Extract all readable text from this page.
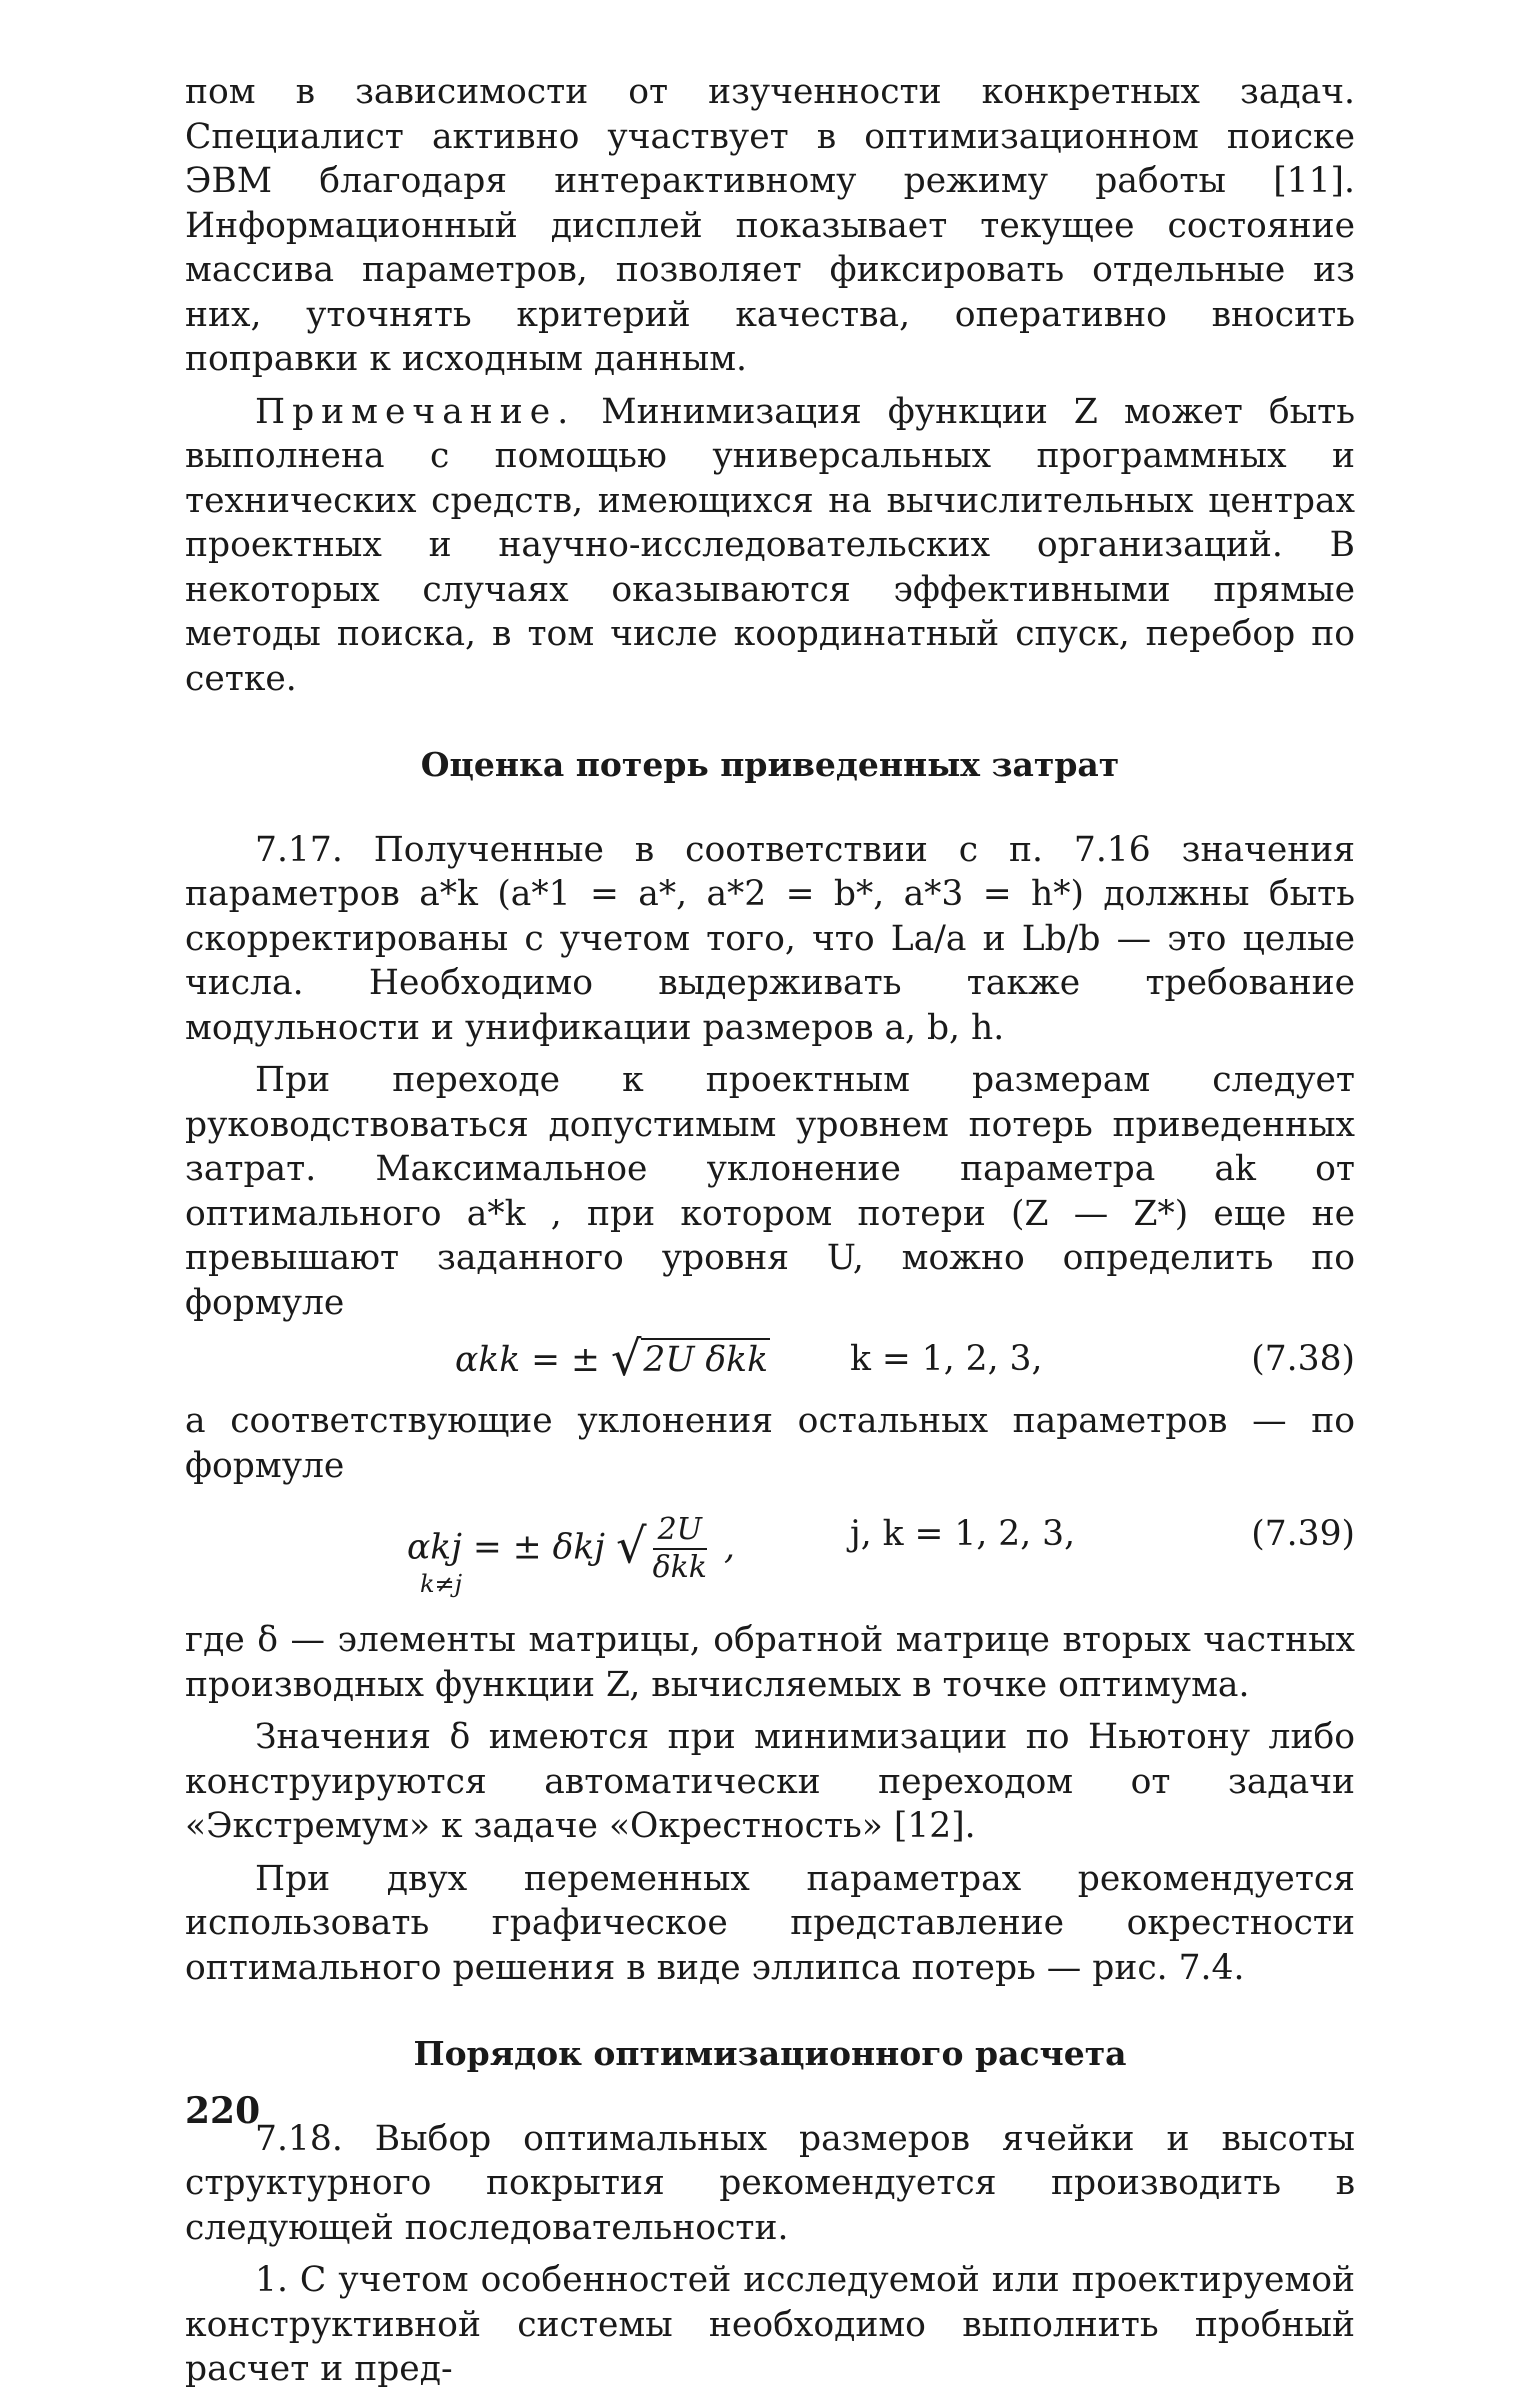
пом в зависимости от изученности конкретных задач. Специалист активно участвует в оптимизационном поиске ЭВМ благодаря интерактивному режиму работы [11]. Информационный дисплей показывает текущее состояние массива параметров, позволяет фиксировать отдельные из них, уточнять критерий качества, оперативно вносить поправки к исходным данным.

Примечание. Минимизация функции Z может быть выполнена с помощью универсальных программных и технических средств, имеющихся на вычислительных центрах проектных и научно-исследовательских организаций. В некоторых случаях оказываются эффективными прямые методы поиска, в том числе координатный спуск, перебор по сетке.

Оценка потерь приведенных затрат

7.17. Полученные в соответствии с п. 7.16 значения параметров a*k (a*1 = a*, a*2 = b*, a*3 = h*) должны быть скорректированы с учетом того, что La/a и Lb/b — это целые числа. Необходимо выдерживать также требование модульности и унификации размеров a, b, h.

При переходе к проектным размерам следует руководствоваться допустимым уровнем потерь приведенных затрат. Максимальное уклонение параметра ak от оптимального a*k , при котором потери (Z — Z*) еще не превышают заданного уровня U, можно определить по формуле

αkk = ± √2U δkk k = 1, 2, 3,	(7.38)

а соответствующие уклонения остальных параметров — по формуле

αkj = ± δkj √ $\frac{2U}{\text{δkk}}$ ,
k≠j
j, k = 1, 2, 3,	(7.39)

где δ — элементы матрицы, обратной матрице вторых частных производных функции Z, вычисляемых в точке оптимума.

Значения δ имеются при минимизации по Ньютону либо конструируются автоматически переходом от задачи «Экстремум» к задаче «Окрестность» [12].

При двух переменных параметрах рекомендуется использовать графическое представление окрестности оптимального решения в виде эллипса потерь — рис. 7.4.

Порядок оптимизационного расчета

7.18. Выбор оптимальных размеров ячейки и высоты структурного покрытия рекомендуется производить в следующей последовательности.

1. С учетом особенностей исследуемой или проектируемой конструктивной системы необходимо выполнить пробный расчет и пред-

220
